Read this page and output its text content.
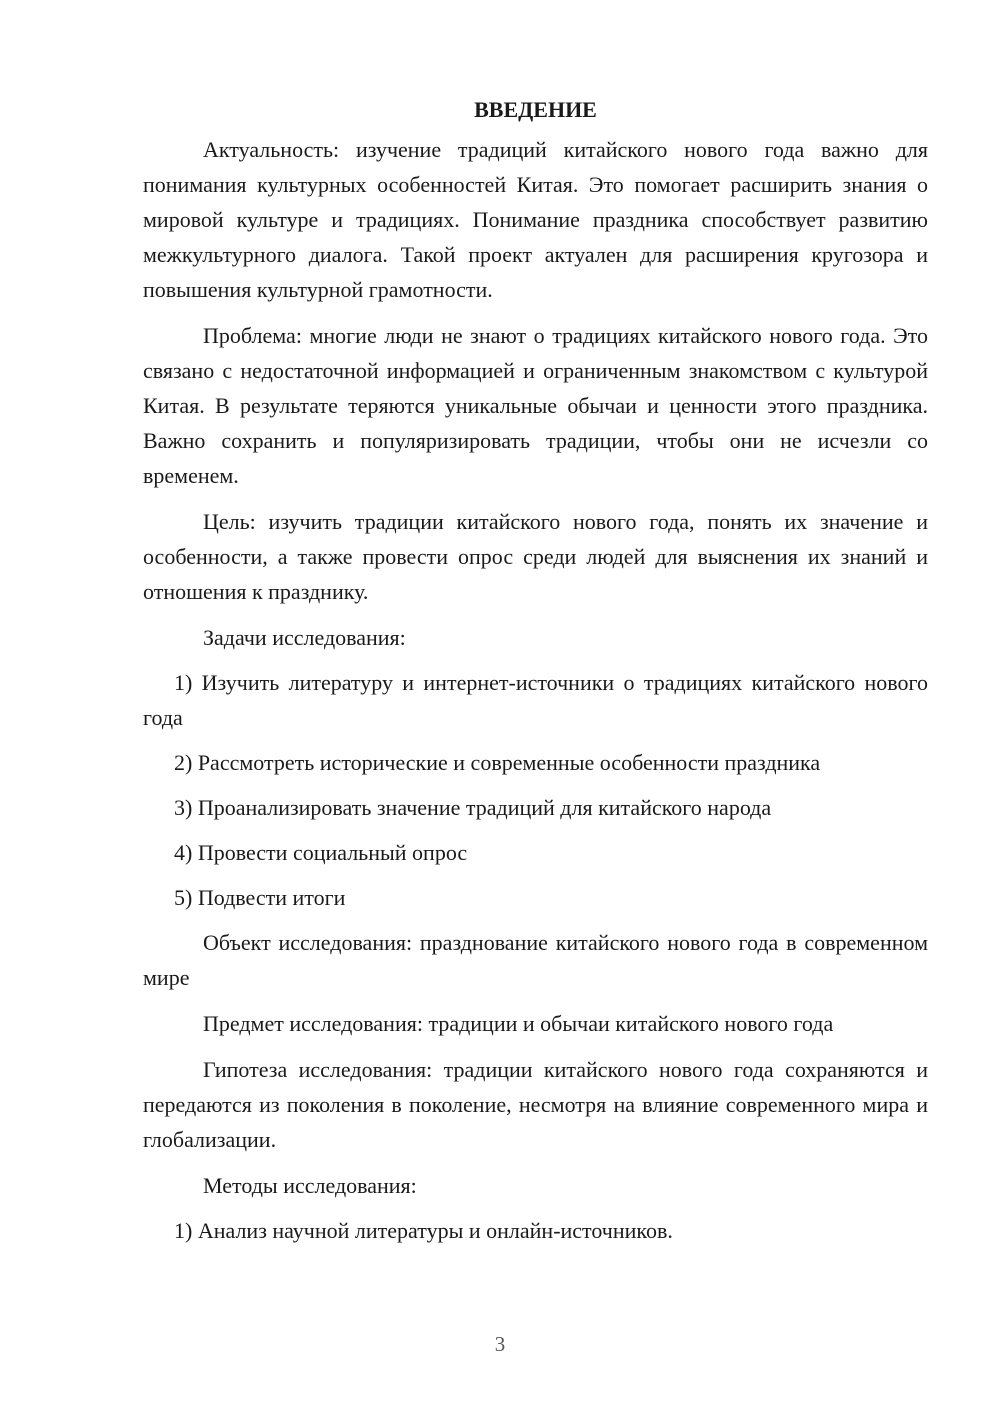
ВВЕДЕНИЕ

Актуальность: изучение традиций китайского нового года важно для понимания культурных особенностей Китая. Это помогает расширить знания о мировой культуре и традициях. Понимание праздника способствует развитию межкультурного диалога. Такой проект актуален для расширения кругозора и повышения культурной грамотности.

Проблема: многие люди не знают о традициях китайского нового года. Это связано с недостаточной информацией и ограниченным знакомством с культурой Китая. В результате теряются уникальные обычаи и ценности этого праздника. Важно сохранить и популяризировать традиции, чтобы они не исчезли со временем.

Цель: изучить традиции китайского нового года, понять их значение и особенности, а также провести опрос среди людей для выяснения их знаний и отношения к празднику.

Задачи исследования:

1) Изучить литературу и интернет-источники о традициях китайского нового года

2) Рассмотреть исторические и современные особенности праздника

3) Проанализировать значение традиций для китайского народа

4) Провести социальный опрос

5) Подвести итоги

Объект исследования: празднование китайского нового года в современном мире

Предмет исследования: традиции и обычаи китайского нового года

Гипотеза исследования: традиции китайского нового года сохраняются и передаются из поколения в поколение, несмотря на влияние современного мира и глобализации.

Методы исследования:

1) Анализ научной литературы и онлайн-источников.

3
